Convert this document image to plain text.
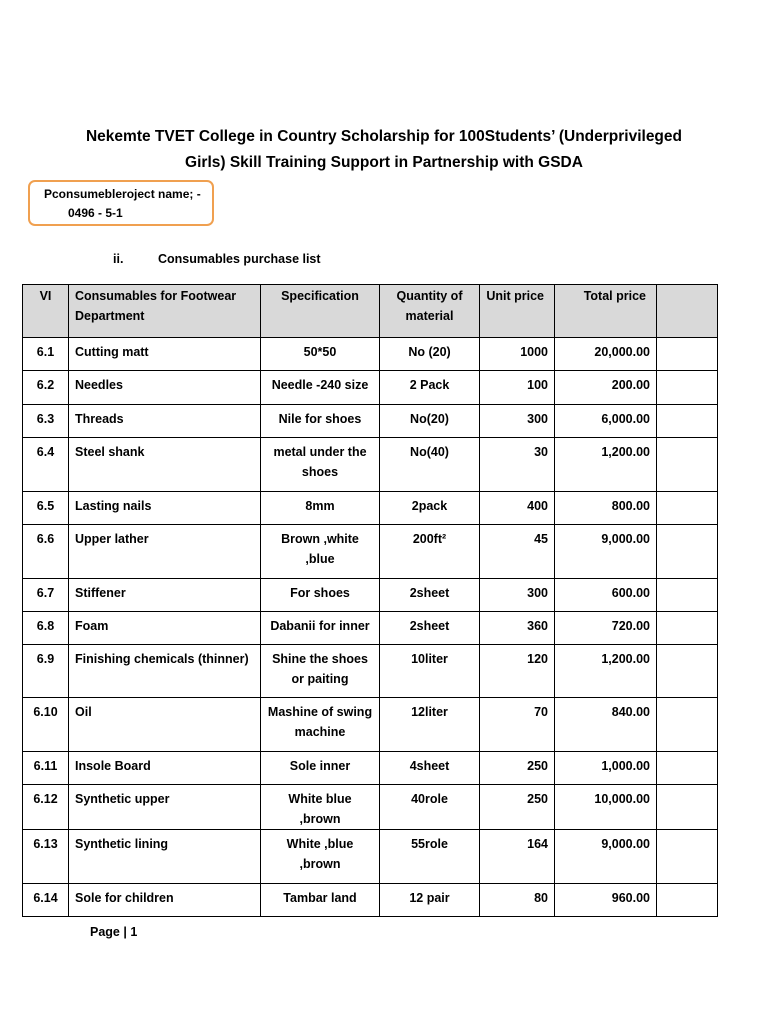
Nekemte TVET College in Country Scholarship for 100Students’ (Underprivileged
Girls) Skill Training Support in Partnership with GSDA
Pconsumebleroject name; -
0496 - 5-1
ii.	Consumables purchase list
VI	Consumables for Footwear Department	Specification	Quantity of material	Unit price	Total price	
6.1	Cutting matt	50*50	No (20)	1000	20,000.00	
6.2	Needles	Needle -240 size	2 Pack	100	200.00	
6.3	Threads	Nile for shoes	No(20)	300	6,000.00	
6.4	Steel shank	metal under the shoes	No(40)	30	1,200.00	
6.5	Lasting nails	8mm	2pack	400	800.00	
6.6	Upper lather	Brown ,white ,blue	200ft²	45	9,000.00	
6.7	Stiffener	For shoes	2sheet	300	600.00	
6.8	Foam	Dabanii for inner	2sheet	360	720.00	
6.9	Finishing chemicals (thinner)	Shine the shoes or paiting	10liter	120	1,200.00	
6.10	Oil	Mashine of swing machine	12liter	70	840.00	
6.11	Insole Board	Sole inner	4sheet	250	1,000.00	
6.12	Synthetic upper	White blue ,brown	40role	250	10,000.00	
6.13	Synthetic lining	White ,blue ,brown	55role	164	9,000.00	
6.14	Sole for children	Tambar land	12 pair	80	960.00	
Page | 1
